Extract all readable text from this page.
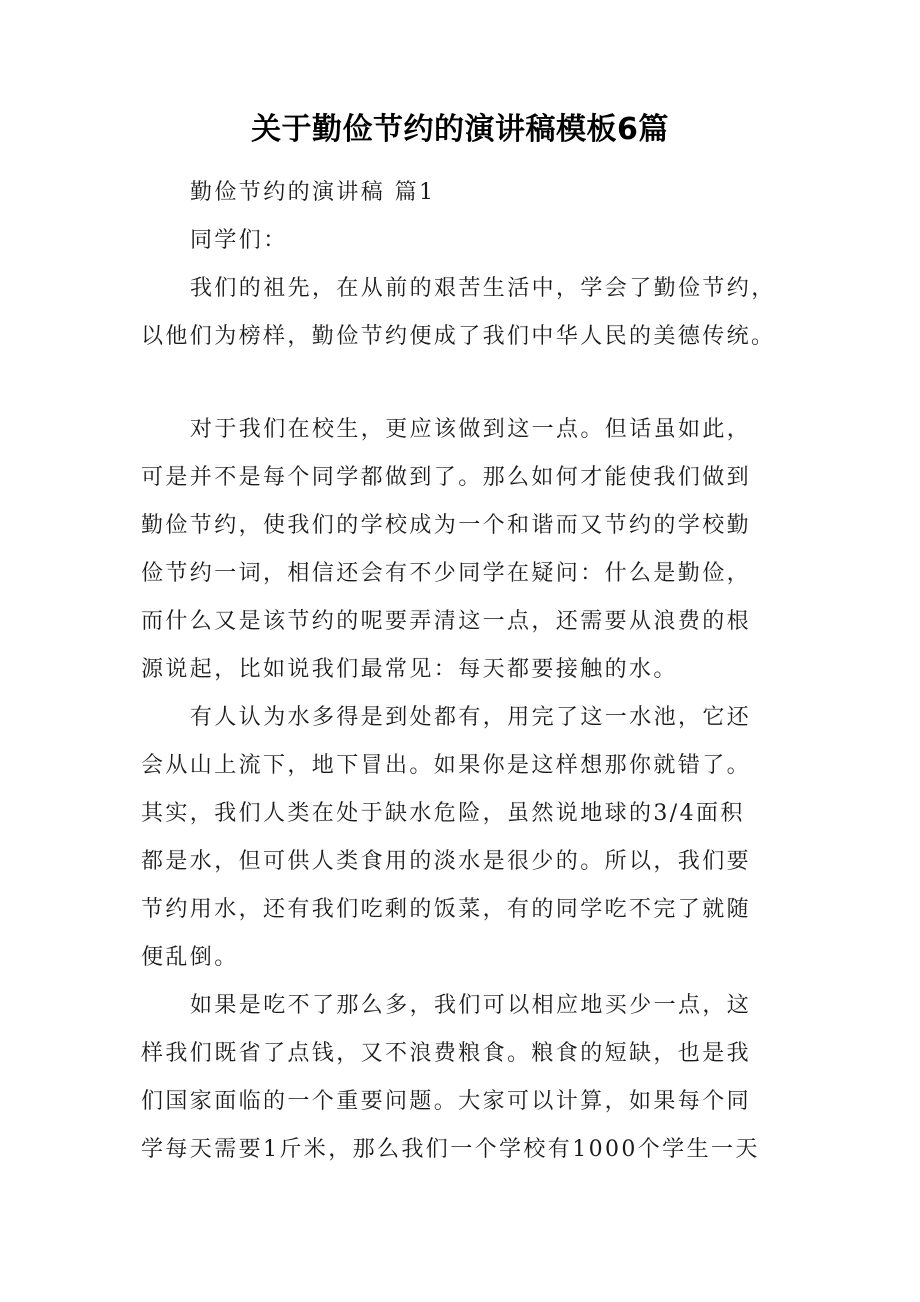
关于勤俭节约的演讲稿模板6篇
勤俭节约的演讲稿 篇1
同学们：
我们的祖先，在从前的艰苦生活中，学会了勤俭节约，
以他们为榜样，勤俭节约便成了我们中华人民的美德传统。
对于我们在校生，更应该做到这一点。但话虽如此，
可是并不是每个同学都做到了。那么如何才能使我们做到
勤俭节约，使我们的学校成为一个和谐而又节约的学校勤
俭节约一词，相信还会有不少同学在疑问：什么是勤俭，
而什么又是该节约的呢要弄清这一点，还需要从浪费的根
源说起，比如说我们最常见：每天都要接触的水。
有人认为水多得是到处都有，用完了这一水池，它还
会从山上流下，地下冒出。如果你是这样想那你就错了。
其实，我们人类在处于缺水危险，虽然说地球的3/4面积
都是水，但可供人类食用的淡水是很少的。所以，我们要
节约用水，还有我们吃剩的饭菜，有的同学吃不完了就随
便乱倒。
如果是吃不了那么多，我们可以相应地买少一点，这
样我们既省了点钱，又不浪费粮食。粮食的短缺，也是我
们国家面临的一个重要问题。大家可以计算，如果每个同
学每天需要1斤米，那么我们一个学校有1000个学生一天
